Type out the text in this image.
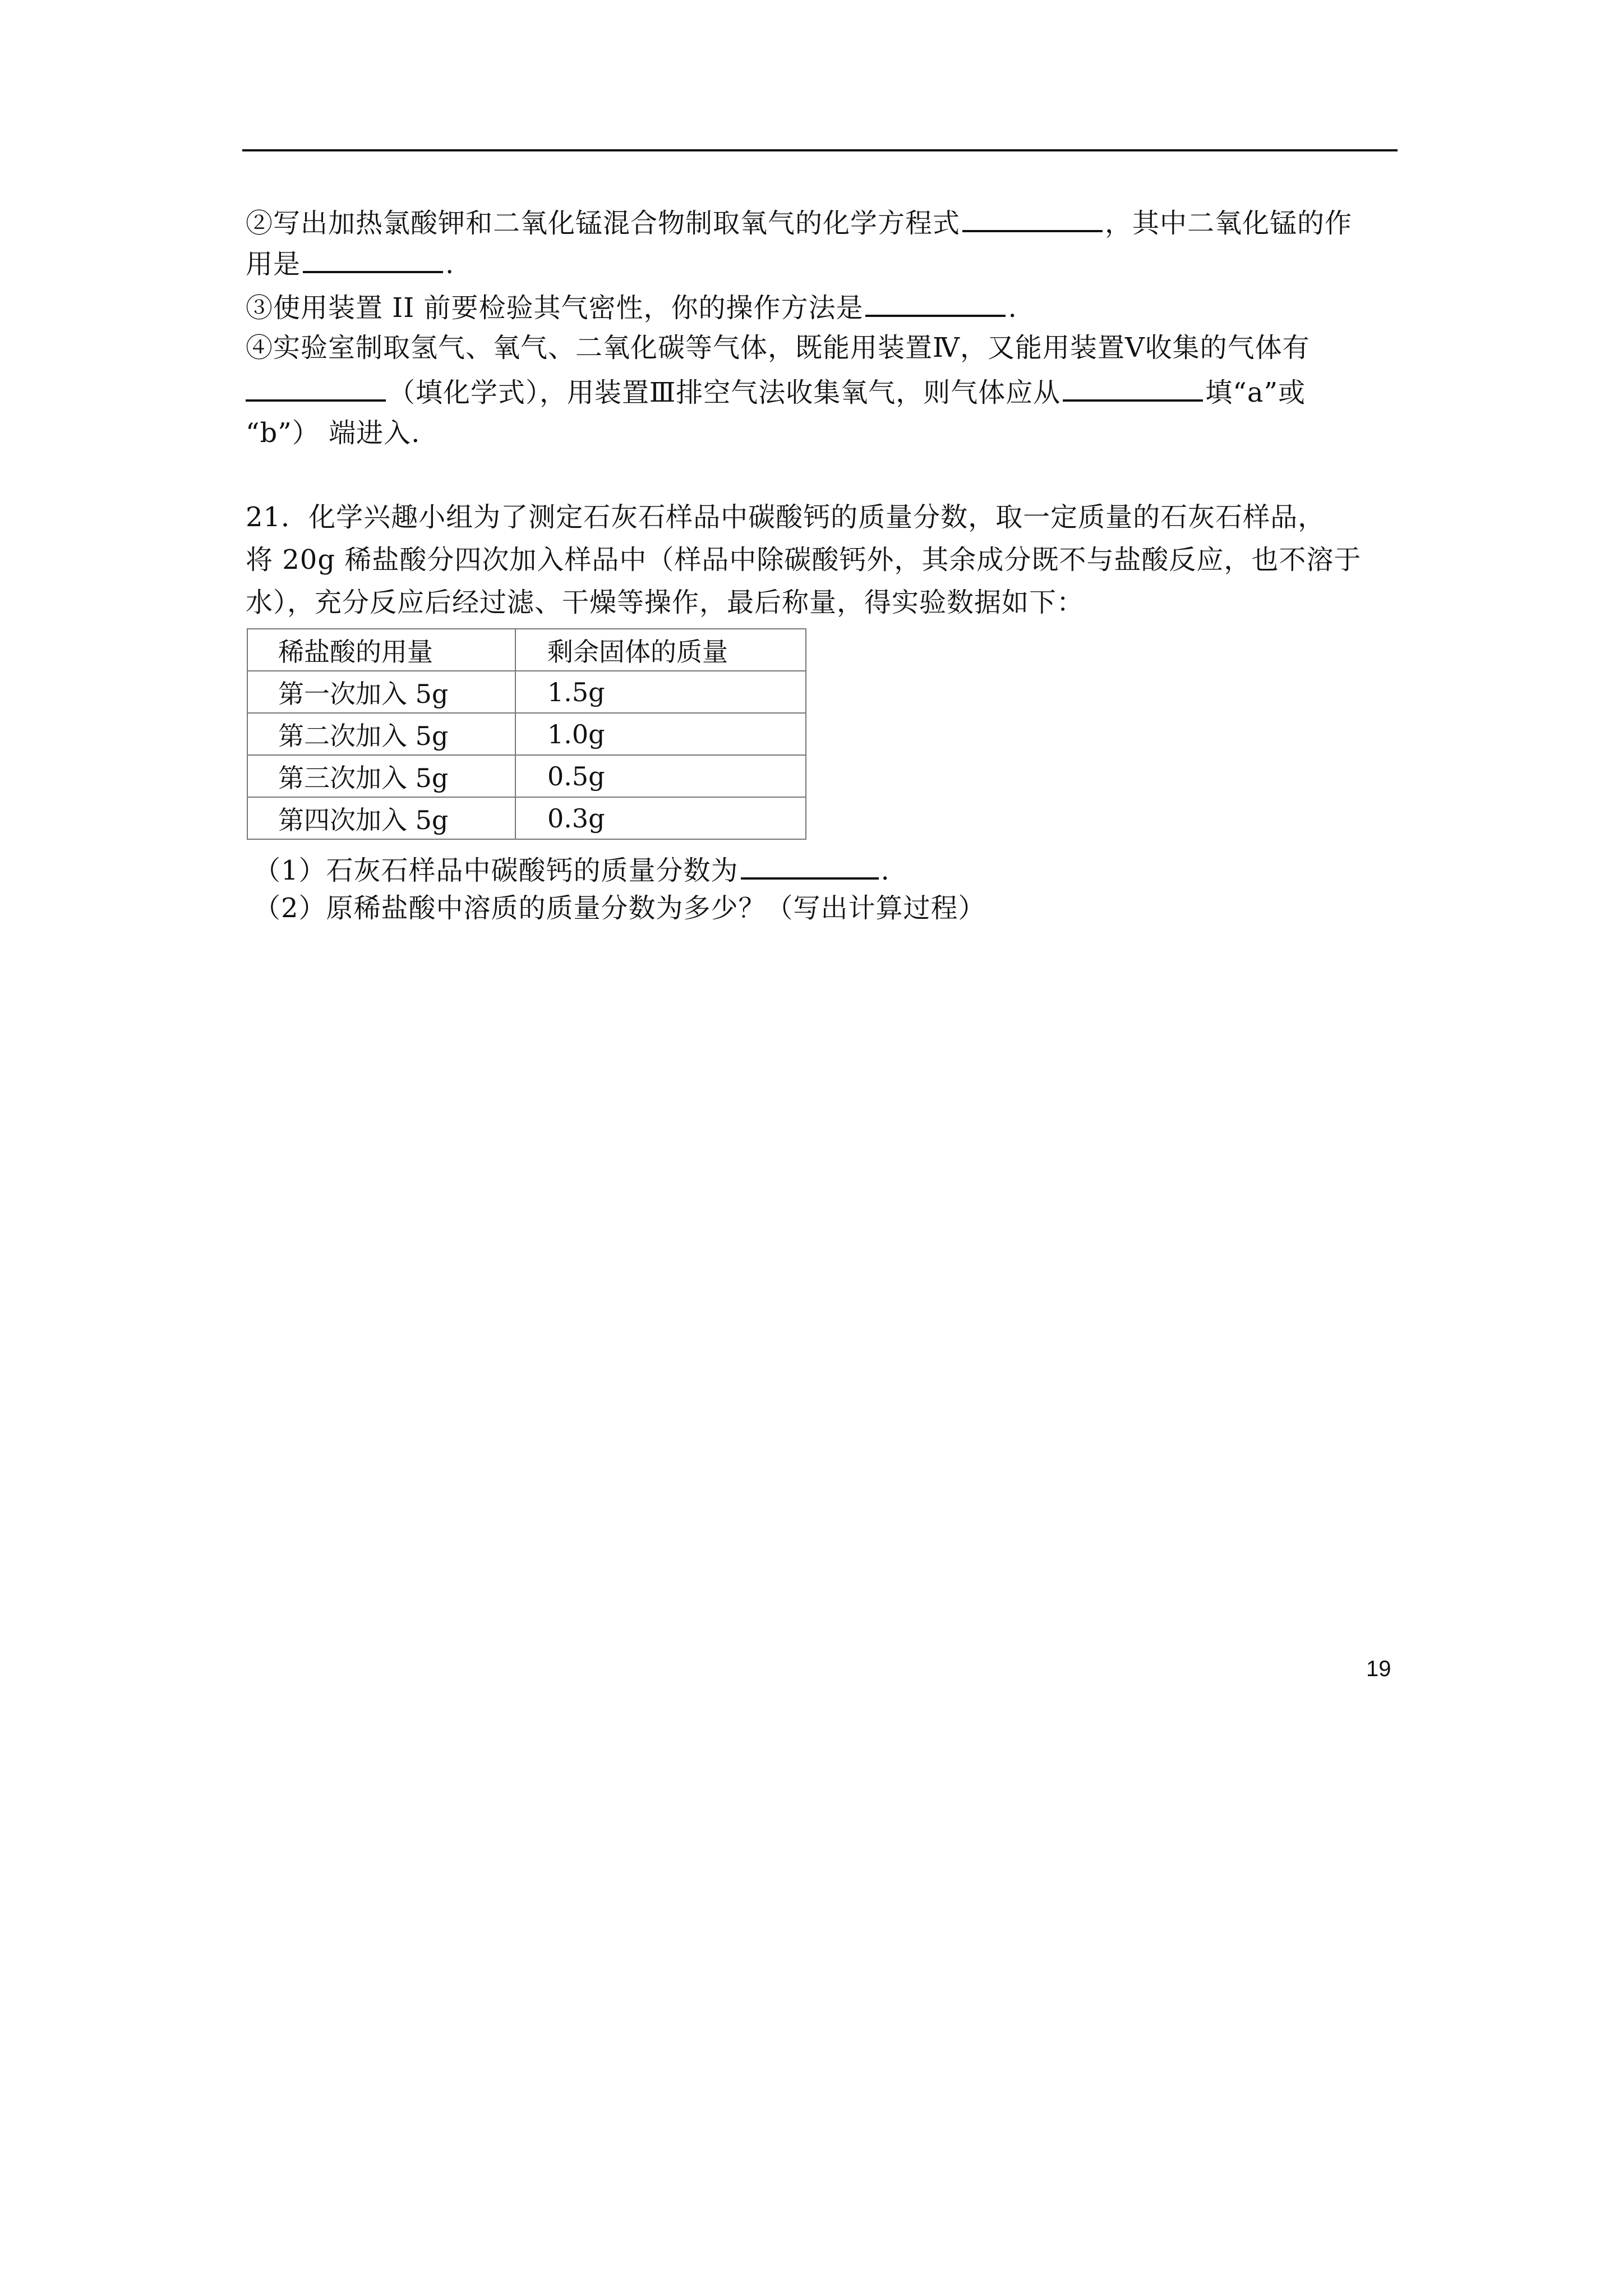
②写出加热氯酸钾和二氧化锰混合物制取氧气的化学方程式	，其中二氧化锰的作
用是	.
③使用装置 II 前要检验其气密性，你的操作方法是	.
④实验室制取氢气、氧气、二氧化碳等气体，既能用装置Ⅳ，又能用装置Ⅴ收集的气体有
（填化学式），用装置Ⅲ排空气法收集氧气，则气体应从	填“a”或
“b”） 端进入.
21．化学兴趣小组为了测定石灰石样品中碳酸钙的质量分数，取一定质量的石灰石样品，
将 20g 稀盐酸分四次加入样品中（样品中除碳酸钙外，其余成分既不与盐酸反应，也不溶于
水），充分反应后经过滤、干燥等操作，最后称量，得实验数据如下：
稀盐酸的用量	剩余固体的质量
第一次加入 5g	1.5g
第二次加入 5g	1.0g
第三次加入 5g	0.5g
第四次加入 5g	0.3g
（1）石灰石样品中碳酸钙的质量分数为	.
（2）原稀盐酸中溶质的质量分数为多少？（写出计算过程）
19
